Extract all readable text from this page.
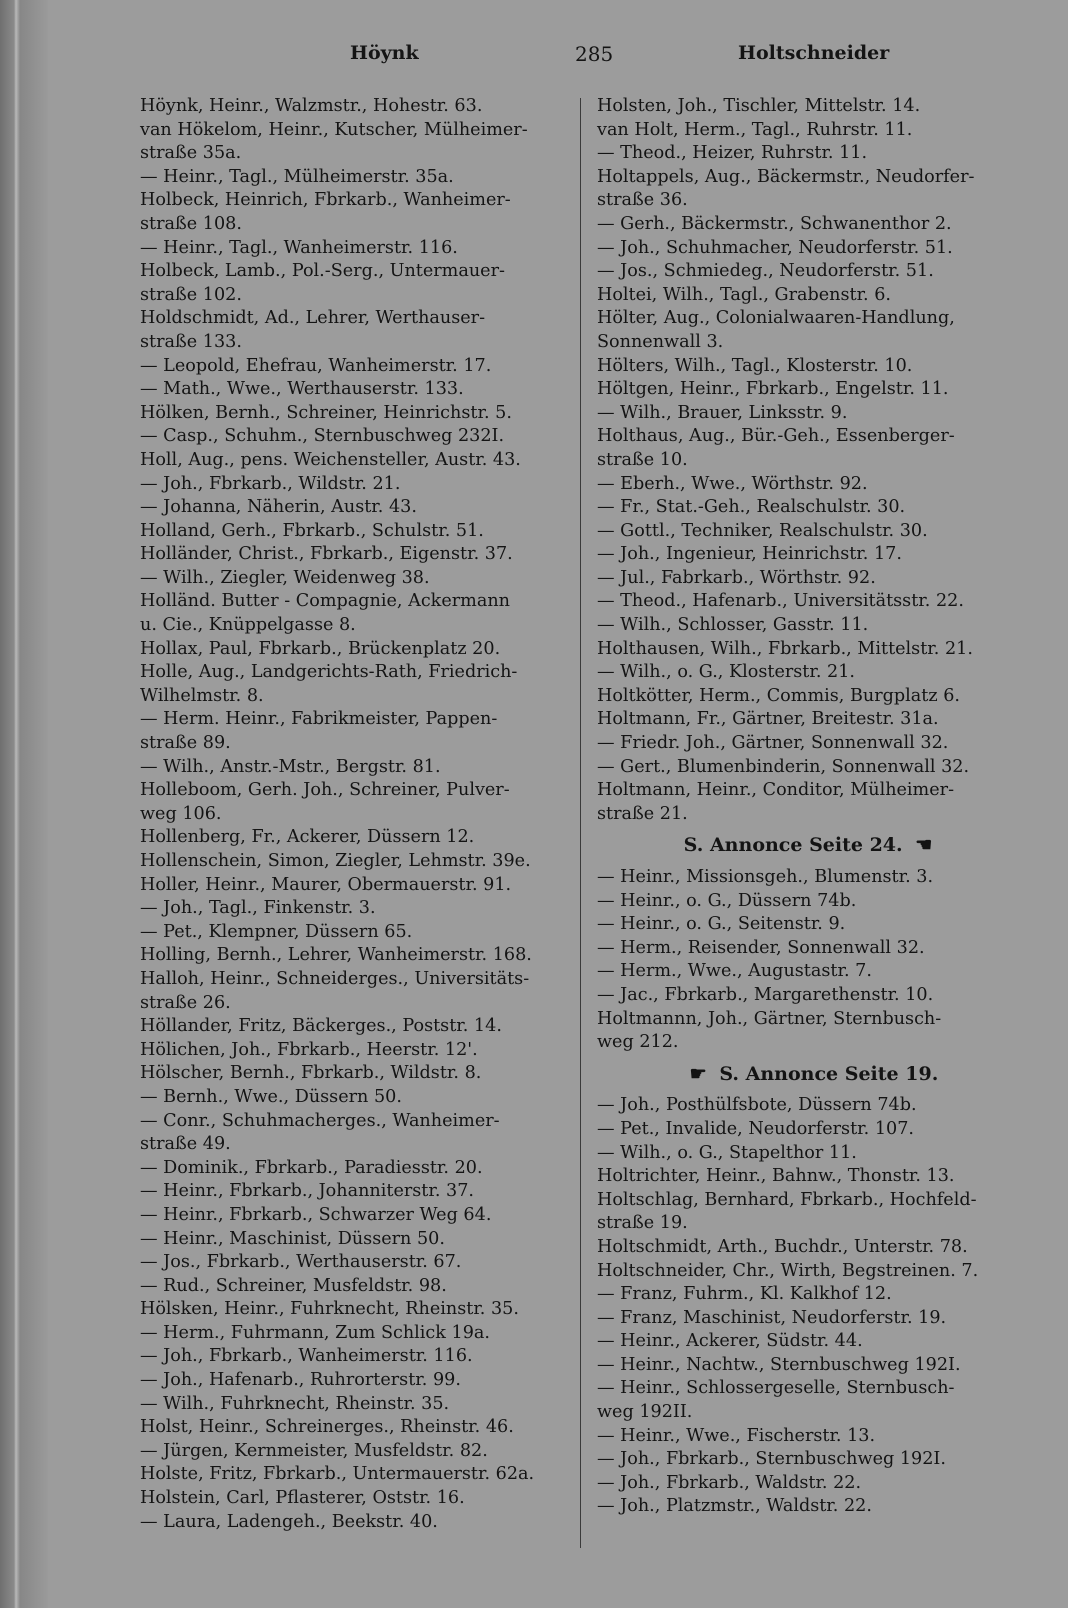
Höynk	285	Holtschneider
Höynk, Heinr., Walzmstr., Hohestr. 63.
van Hökelom, Heinr., Kutscher, Mülheimer-
straße 35a.
— Heinr., Tagl., Mülheimerstr. 35a.
Holbeck, Heinrich, Fbrkarb., Wanheimer-
straße 108.
— Heinr., Tagl., Wanheimerstr. 116.
Holbeck, Lamb., Pol.-Serg., Untermauer-
straße 102.
Holdschmidt, Ad., Lehrer, Werthauser-
straße 133.
— Leopold, Ehefrau, Wanheimerstr. 17.
— Math., Wwe., Werthauserstr. 133.
Hölken, Bernh., Schreiner, Heinrichstr. 5.
— Casp., Schuhm., Sternbuschweg 232I.
Holl, Aug., pens. Weichensteller, Austr. 43.
— Joh., Fbrkarb., Wildstr. 21.
— Johanna, Näherin, Austr. 43.
Holland, Gerh., Fbrkarb., Schulstr. 51.
Holländer, Christ., Fbrkarb., Eigenstr. 37.
— Wilh., Ziegler, Weidenweg 38.
Holländ. Butter - Compagnie, Ackermann
u. Cie., Knüppelgasse 8.
Hollax, Paul, Fbrkarb., Brückenplatz 20.
Holle, Aug., Landgerichts-Rath, Friedrich-
Wilhelmstr. 8.
— Herm. Heinr., Fabrikmeister, Pappen-
straße 89.
— Wilh., Anstr.-Mstr., Bergstr. 81.
Holleboom, Gerh. Joh., Schreiner, Pulver-
weg 106.
Hollenberg, Fr., Ackerer, Düssern 12.
Hollenschein, Simon, Ziegler, Lehmstr. 39e.
Holler, Heinr., Maurer, Obermauerstr. 91.
— Joh., Tagl., Finkenstr. 3.
— Pet., Klempner, Düssern 65.
Holling, Bernh., Lehrer, Wanheimerstr. 168.
Halloh, Heinr., Schneiderges., Universitäts-
straße 26.
Höllander, Fritz, Bäckerges., Poststr. 14.
Hölichen, Joh., Fbrkarb., Heerstr. 12'.
Hölscher, Bernh., Fbrkarb., Wildstr. 8.
— Bernh., Wwe., Düssern 50.
— Conr., Schuhmacherges., Wanheimer-
straße 49.
— Dominik., Fbrkarb., Paradiesstr. 20.
— Heinr., Fbrkarb., Johanniterstr. 37.
— Heinr., Fbrkarb., Schwarzer Weg 64.
— Heinr., Maschinist, Düssern 50.
— Jos., Fbrkarb., Werthauserstr. 67.
— Rud., Schreiner, Musfeldstr. 98.
Hölsken, Heinr., Fuhrknecht, Rheinstr. 35.
— Herm., Fuhrmann, Zum Schlick 19a.
— Joh., Fbrkarb., Wanheimerstr. 116.
— Joh., Hafenarb., Ruhrorterstr. 99.
— Wilh., Fuhrknecht, Rheinstr. 35.
Holst, Heinr., Schreinerges., Rheinstr. 46.
— Jürgen, Kernmeister, Musfeldstr. 82.
Holste, Fritz, Fbrkarb., Untermauerstr. 62a.
Holstein, Carl, Pflasterer, Oststr. 16.
— Laura, Ladengeh., Beekstr. 40.
Holsten, Joh., Tischler, Mittelstr. 14.
van Holt, Herm., Tagl., Ruhrstr. 11.
— Theod., Heizer, Ruhrstr. 11.
Holtappels, Aug., Bäckermstr., Neudorfer-
straße 36.
— Gerh., Bäckermstr., Schwanenthor 2.
— Joh., Schuhmacher, Neudorferstr. 51.
— Jos., Schmiedeg., Neudorferstr. 51.
Holtei, Wilh., Tagl., Grabenstr. 6.
Hölter, Aug., Colonialwaaren-Handlung,
Sonnenwall 3.
Hölters, Wilh., Tagl., Klosterstr. 10.
Höltgen, Heinr., Fbrkarb., Engelstr. 11.
— Wilh., Brauer, Linksstr. 9.
Holthaus, Aug., Bür.-Geh., Essenberger-
straße 10.
— Eberh., Wwe., Wörthstr. 92.
— Fr., Stat.-Geh., Realschulstr. 30.
— Gottl., Techniker, Realschulstr. 30.
— Joh., Ingenieur, Heinrichstr. 17.
— Jul., Fabrkarb., Wörthstr. 92.
— Theod., Hafenarb., Universitätsstr. 22.
— Wilh., Schlosser, Gasstr. 11.
Holthausen, Wilh., Fbrkarb., Mittelstr. 21.
— Wilh., o. G., Klosterstr. 21.
Holtkötter, Herm., Commis, Burgplatz 6.
Holtmann, Fr., Gärtner, Breitestr. 31a.
— Friedr. Joh., Gärtner, Sonnenwall 32.
— Gert., Blumenbinderin, Sonnenwall 32.
Holtmann, Heinr., Conditor, Mülheimer-
straße 21.
S. Annonce Seite 24. ☚
— Heinr., Missionsgeh., Blumenstr. 3.
— Heinr., o. G., Düssern 74b.
— Heinr., o. G., Seitenstr. 9.
— Herm., Reisender, Sonnenwall 32.
— Herm., Wwe., Augustastr. 7.
— Jac., Fbrkarb., Margarethenstr. 10.
Holtmannn, Joh., Gärtner, Sternbusch-
weg 212.
☛ S. Annonce Seite 19.
— Joh., Posthülfsbote, Düssern 74b.
— Pet., Invalide, Neudorferstr. 107.
— Wilh., o. G., Stapelthor 11.
Holtrichter, Heinr., Bahnw., Thonstr. 13.
Holtschlag, Bernhard, Fbrkarb., Hochfeld-
straße 19.
Holtschmidt, Arth., Buchdr., Unterstr. 78.
Holtschneider, Chr., Wirth, Begstreinen. 7.
— Franz, Fuhrm., Kl. Kalkhof 12.
— Franz, Maschinist, Neudorferstr. 19.
— Heinr., Ackerer, Südstr. 44.
— Heinr., Nachtw., Sternbuschweg 192I.
— Heinr., Schlossergeselle, Sternbusch-
weg 192II.
— Heinr., Wwe., Fischerstr. 13.
— Joh., Fbrkarb., Sternbuschweg 192I.
— Joh., Fbrkarb., Waldstr. 22.
— Joh., Platzmstr., Waldstr. 22.
